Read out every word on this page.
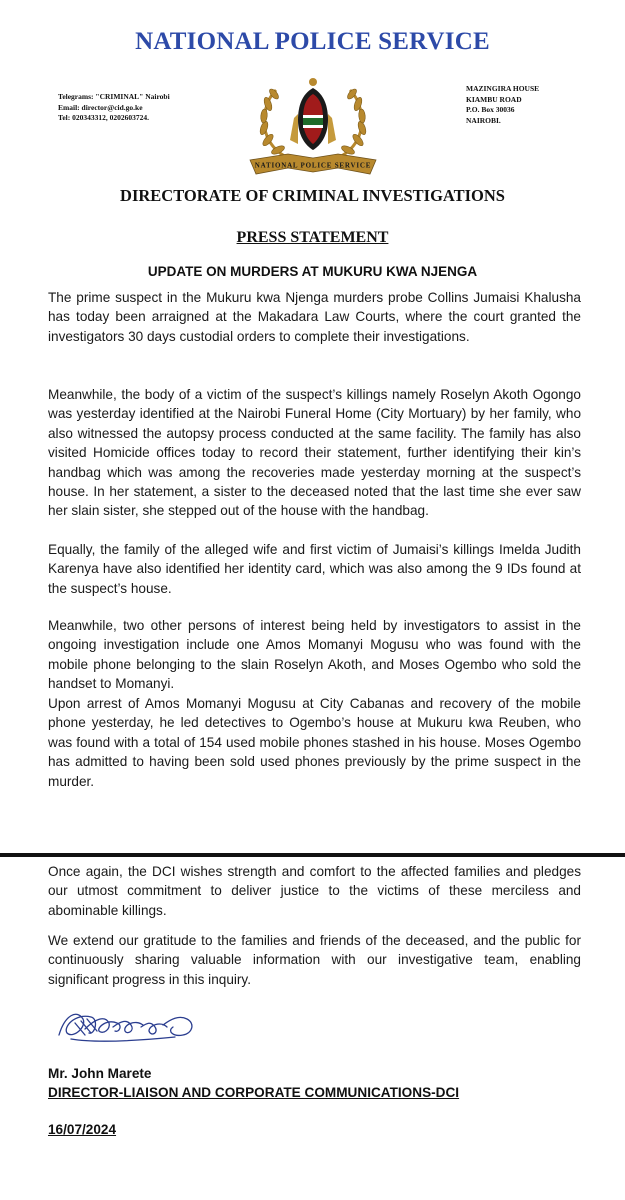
NATIONAL POLICE SERVICE
Telegrams: "CRIMINAL" Nairobi
Email: director@cid.go.ke
Tel: 020343312, 0202603724.
NATIONAL POLICE SERVICE
MAZINGIRA HOUSE
KIAMBU ROAD
P.O. Box 30036
NAIROBI.
DIRECTORATE OF CRIMINAL INVESTIGATIONS
PRESS STATEMENT
UPDATE ON MURDERS AT MUKURU KWA NJENGA

The prime suspect in the Mukuru kwa Njenga murders probe Collins Jumaisi Khalusha has today been arraigned at the Makadara Law Courts, where the court granted the investigators 30 days custodial orders to complete their investigations.

Meanwhile, the body of a victim of the suspect’s killings namely Roselyn Akoth Ogongo was yesterday identified at the Nairobi Funeral Home (City Mortuary) by her family, who also witnessed the autopsy process conducted at the same facility. The family has also visited Homicide offices today to record their statement, further identifying their kin’s handbag which was among the recoveries made yesterday morning at the suspect’s house. In her statement, a sister to the deceased noted that the last time she ever saw her slain sister, she stepped out of the house with the handbag.

Equally, the family of the alleged wife and first victim of Jumaisi’s killings Imelda Judith Karenya have also identified her identity card, which was also among the 9 IDs found at the suspect’s house.

Meanwhile, two other persons of interest being held by investigators to assist in the ongoing investigation include one Amos Momanyi Mogusu who was found with the mobile phone belonging to the slain Roselyn Akoth, and Moses Ogembo who sold the handset to Momanyi.

Upon arrest of Amos Momanyi Mogusu at City Cabanas and recovery of the mobile phone yesterday, he led detectives to Ogembo’s house at Mukuru kwa Reuben, who was found with a total of 154 used mobile phones stashed in his house. Moses Ogembo has admitted to having been sold used phones previously by the prime suspect in the murder.

Once again, the DCI wishes strength and comfort to the affected families and pledges our utmost commitment to deliver justice to the victims of these merciless and abominable killings.

We extend our gratitude to the families and friends of the deceased, and the public for continuously sharing valuable information with our investigative team, enabling significant progress in this inquiry.

Mr. John Marete
DIRECTOR-LIAISON AND CORPORATE COMMUNICATIONS-DCI
16/07/2024
